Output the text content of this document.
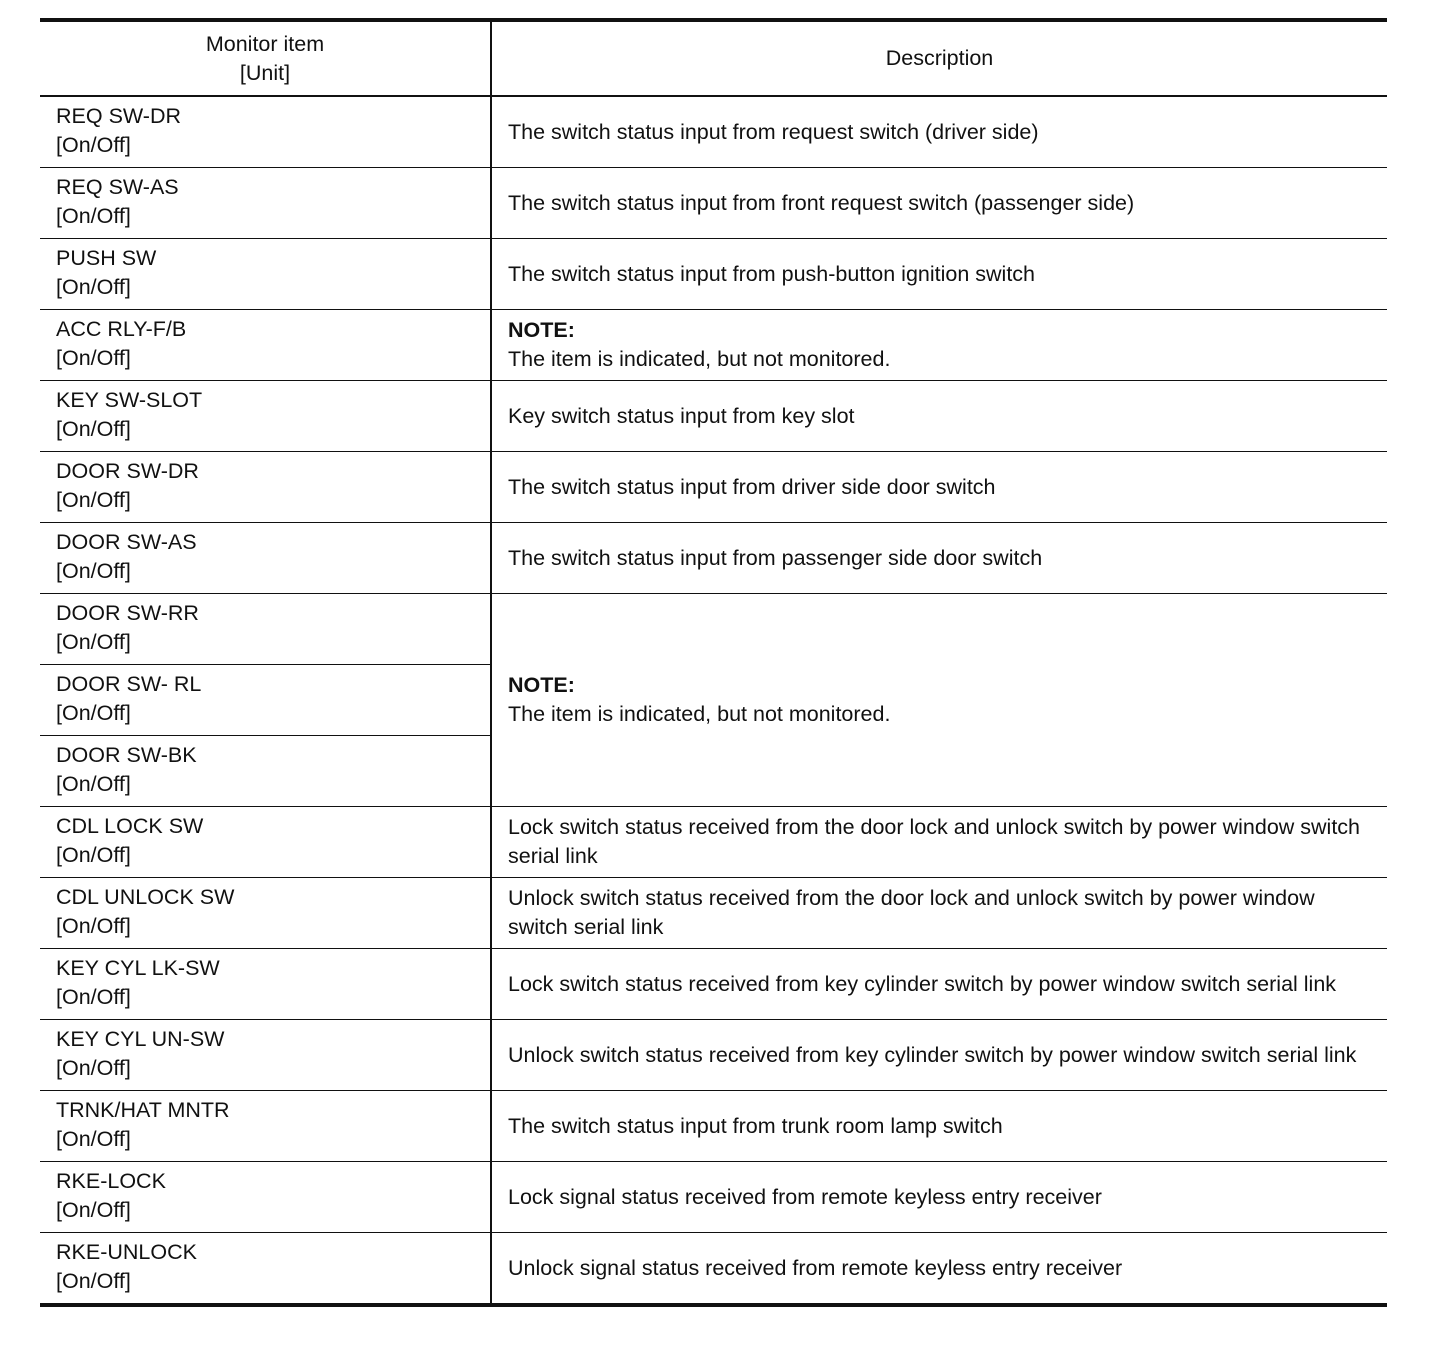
Monitor item
[Unit]	Description

REQ SW-DR
[On/Off]	The switch status input from request switch (driver side)

REQ SW-AS
[On/Off]	The switch status input from front request switch (passenger side)

PUSH SW
[On/Off]	The switch status input from push-button ignition switch

ACC RLY-F/B
[On/Off]	NOTE:
The item is indicated, but not monitored.

KEY SW-SLOT
[On/Off]	Key switch status input from key slot

DOOR SW-DR
[On/Off]	The switch status input from driver side door switch

DOOR SW-AS
[On/Off]	The switch status input from passenger side door switch

DOOR SW-RR
[On/Off]	NOTE:
The item is indicated, but not monitored.

DOOR SW- RL
[On/Off]	

DOOR SW-BK
[On/Off]	

CDL LOCK SW
[On/Off]	Lock switch status received from the door lock and unlock switch by power window switch serial link

CDL UNLOCK SW
[On/Off]	Unlock switch status received from the door lock and unlock switch by power window switch serial link

KEY CYL LK-SW
[On/Off]	Lock switch status received from key cylinder switch by power window switch serial link

KEY CYL UN-SW
[On/Off]	Unlock switch status received from key cylinder switch by power window switch serial link

TRNK/HAT MNTR
[On/Off]	The switch status input from trunk room lamp switch

RKE-LOCK
[On/Off]	Lock signal status received from remote keyless entry receiver

RKE-UNLOCK
[On/Off]	Unlock signal status received from remote keyless entry receiver
